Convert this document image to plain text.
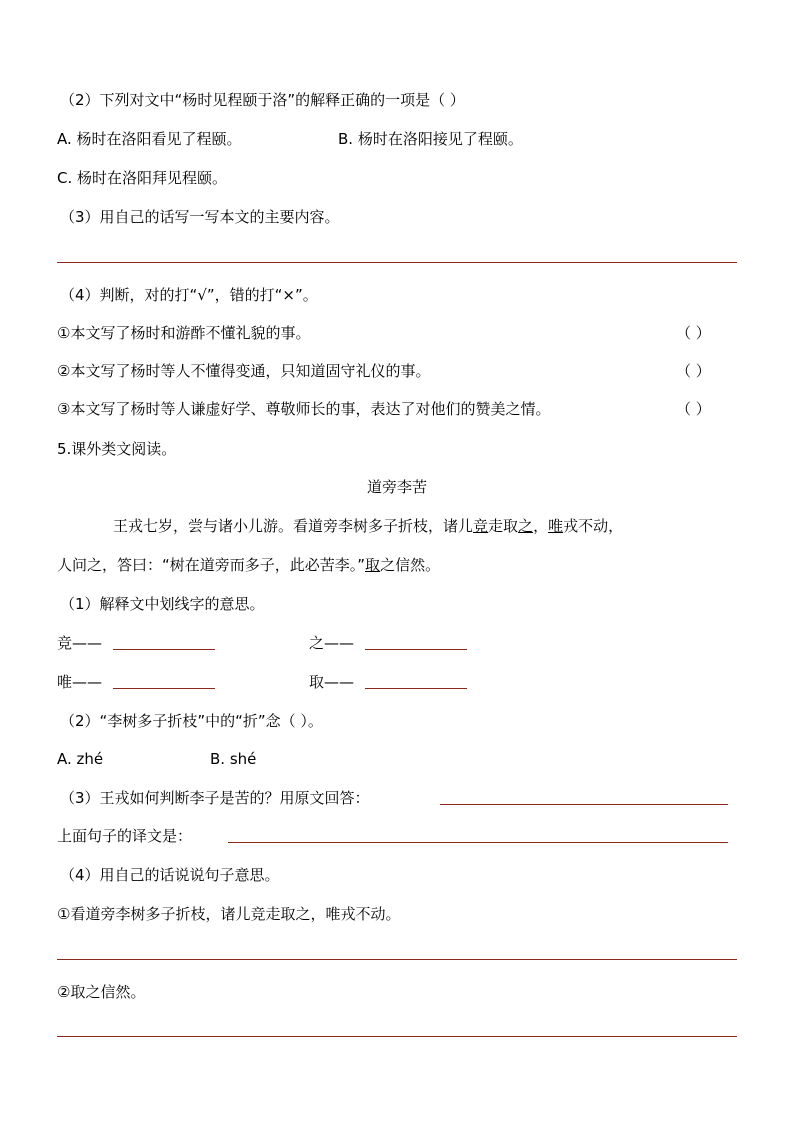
（2）下列对文中“杨时见程颐于洛”的解释正确的一项是（ ）
A. 杨时在洛阳看见了程颐。	B. 杨时在洛阳接见了程颐。
C. 杨时在洛阳拜见程颐。
（3）用自己的话写一写本文的主要内容。
（4）判断，对的打“√”，错的打“×”。
①本文写了杨时和游酢不懂礼貌的事。	（ ）
②本文写了杨时等人不懂得变通，只知道固守礼仪的事。	（ ）
③本文写了杨时等人谦虚好学、尊敬师长的事，表达了对他们的赞美之情。	（ ）
5.课外类文阅读。
道旁李苦
王戎七岁，尝与诸小儿游。看道旁李树多子折枝，诸儿竞走取之，唯戎不动，
人问之，答曰：“树在道旁而多子，此必苦李。”取之信然。
（1）解释文中划线字的意思。
竞——	之——
唯——	取——
（2）“李树多子折枝”中的“折”念（ ）。
A. zhé	B. shé
（3）王戎如何判断李子是苦的？用原文回答：
上面句子的译文是：
（4）用自己的话说说句子意思。
①看道旁李树多子折枝，诸儿竞走取之，唯戎不动。
②取之信然。
